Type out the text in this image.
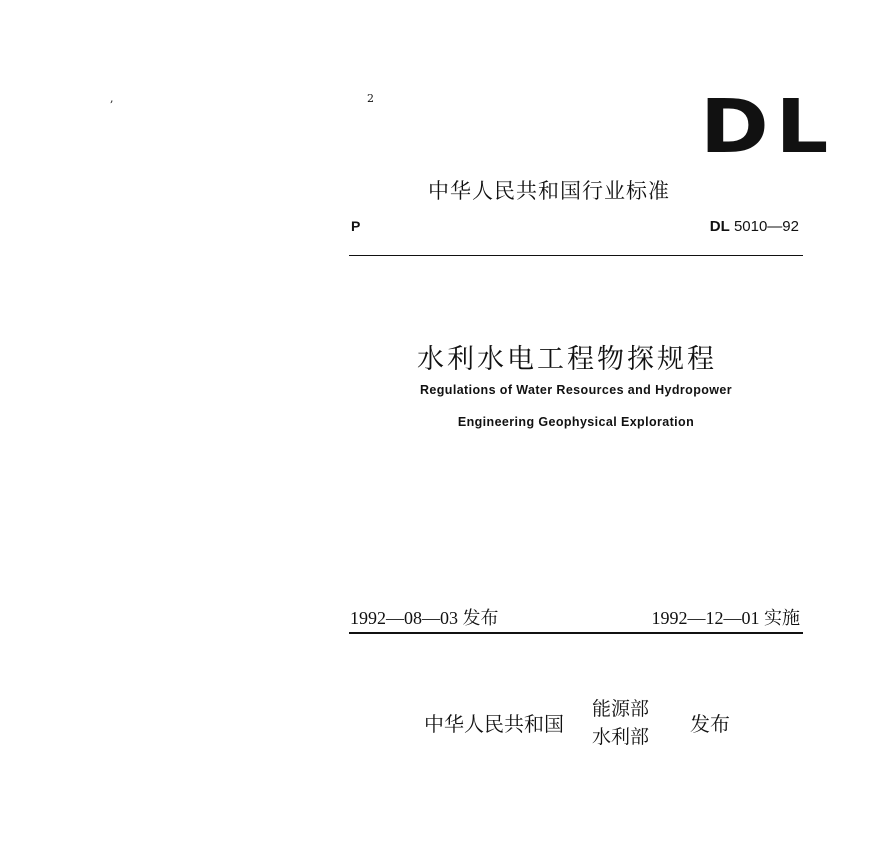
,	2	DL
中华人民共和国行业标准
P	DL 5010—92
水利水电工程物探规程
Regulations of Water Resources and Hydropower
Engineering Geophysical Exploration
1992—08—03 发布	1992—12—01 实施
中华人民共和国
能源部
水利部
发布
